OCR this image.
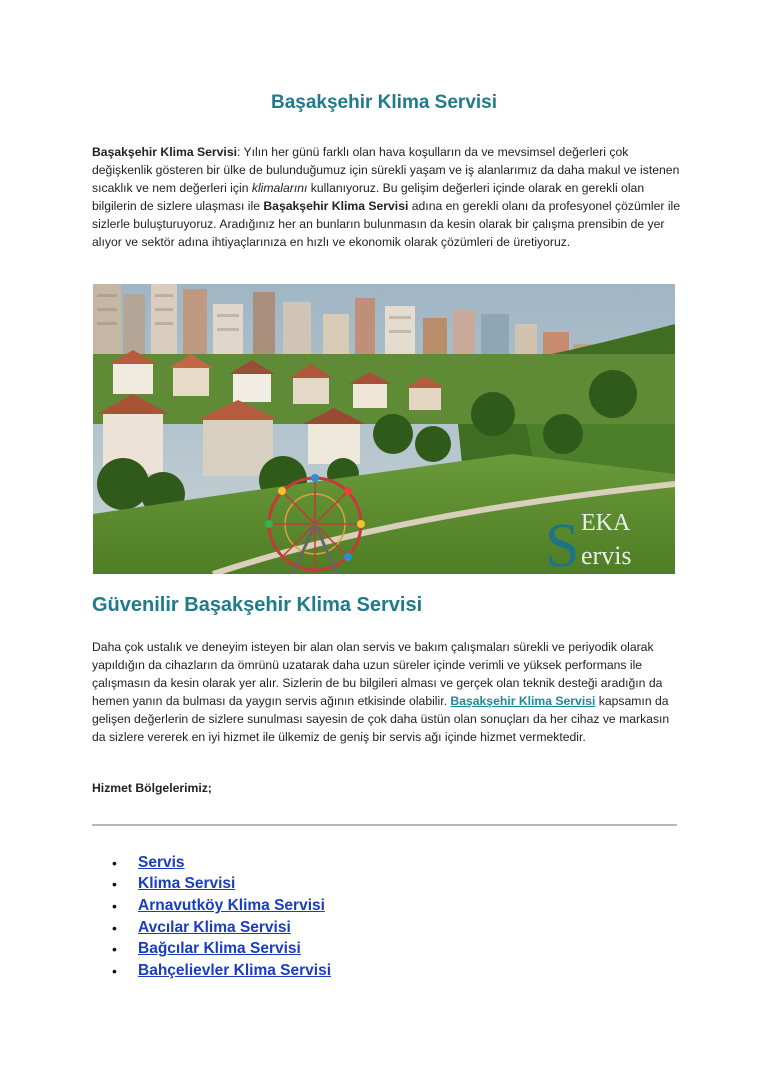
Başakşehir Klima Servisi

Başakşehir Klima Servisi: Yılın her günü farklı olan hava koşulların da ve mevsimsel değerleri çok değişkenlik gösteren bir ülke de bulunduğumuz için sürekli yaşam ve iş alanlarımız da daha makul ve istenen sıcaklık ve nem değerleri için klimalarını kullanıyoruz. Bu gelişim değerleri içinde olarak en gerekli olan bilgilerin de sizlere ulaşması ile Başakşehir Klima Servisi adına en gerekli olanı da profesyonel çözümler ile sizlerle buluşturuyoruz. Aradığınız her an bunların bulunmasın da kesin olarak bir çalışma prensibin de yer alıyor ve sektör adına ihtiyaçlarınıza en hızlı ve ekonomik olarak çözümleri de üretiyoruz.

S EKA
ervis
Güvenilir Başakşehir Klima Servisi

Daha çok ustalık ve deneyim isteyen bir alan olan servis ve bakım çalışmaları sürekli ve periyodik olarak yapıldığın da cihazların da ömrünü uzatarak daha uzun süreler içinde verimli ve yüksek performans ile çalışmasın da kesin olarak yer alır. Sizlerin de bu bilgileri alması ve gerçek olan teknik desteği aradığın da hemen yanın da bulması da yaygın servis ağının etkisinde olabilir. Başakşehir Klima Servisi kapsamın da gelişen değerlerin de sizlere sunulması sayesin de çok daha üstün olan sonuçları da her cihaz ve markasın da sizlere vererek en iyi hizmet ile ülkemiz de geniş bir servis ağı içinde hizmet vermektedir.

Hizmet Bölgelerimiz;

•	Servis
•	Klima Servisi
•	Arnavutköy Klima Servisi
•	Avcılar Klima Servisi
•	Bağcılar Klima Servisi
•	Bahçelievler Klima Servisi
